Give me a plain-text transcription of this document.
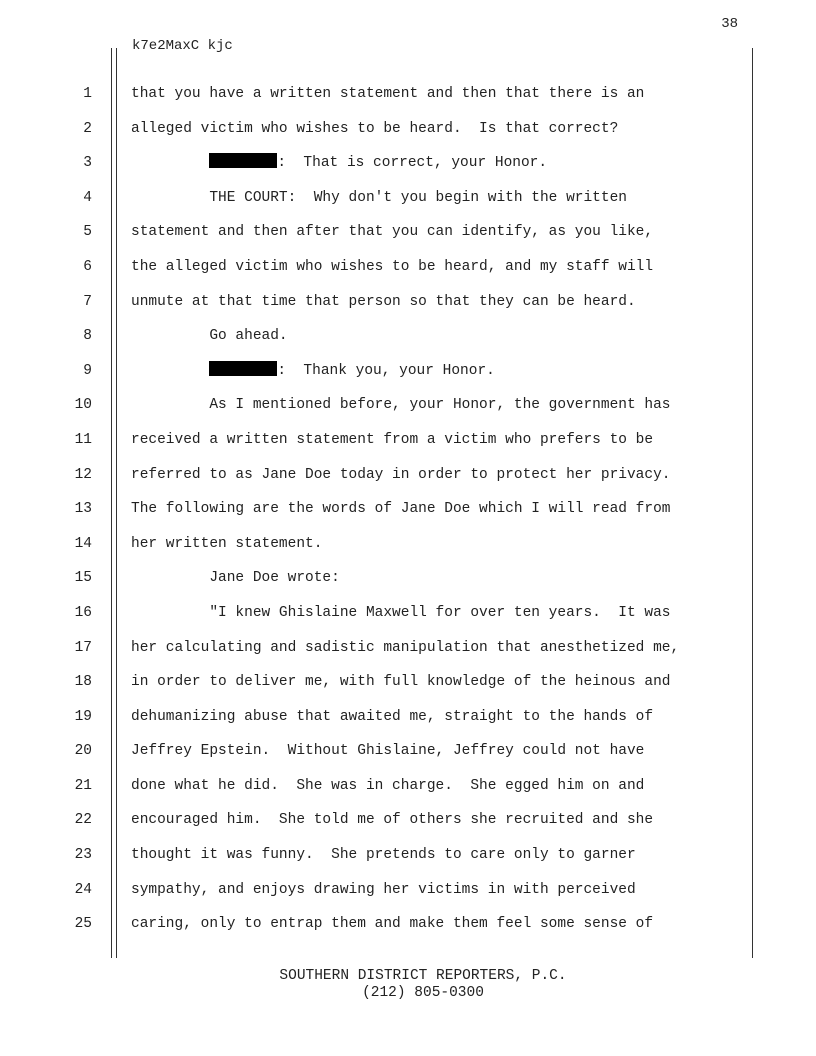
38
k7e2MaxC kjc
1	that you have a written statement and then that there is an
2	alleged victim who wishes to be heard.  Is that correct?
3	:  That is correct, your Honor.
4	THE COURT:  Why don't you begin with the written
5	statement and then after that you can identify, as you like,
6	the alleged victim who wishes to be heard, and my staff will
7	unmute at that time that person so that they can be heard.
8	Go ahead.
9	:  Thank you, your Honor.
10	As I mentioned before, your Honor, the government has
11	received a written statement from a victim who prefers to be
12	referred to as Jane Doe today in order to protect her privacy.
13	The following are the words of Jane Doe which I will read from
14	her written statement.
15	Jane Doe wrote:
16	"I knew Ghislaine Maxwell for over ten years.  It was
17	her calculating and sadistic manipulation that anesthetized me,
18	in order to deliver me, with full knowledge of the heinous and
19	dehumanizing abuse that awaited me, straight to the hands of
20	Jeffrey Epstein.  Without Ghislaine, Jeffrey could not have
21	done what he did.  She was in charge.  She egged him on and
22	encouraged him.  She told me of others she recruited and she
23	thought it was funny.  She pretends to care only to garner
24	sympathy, and enjoys drawing her victims in with perceived
25	caring, only to entrap them and make them feel some sense of
SOUTHERN DISTRICT REPORTERS, P.C.
(212) 805-0300
